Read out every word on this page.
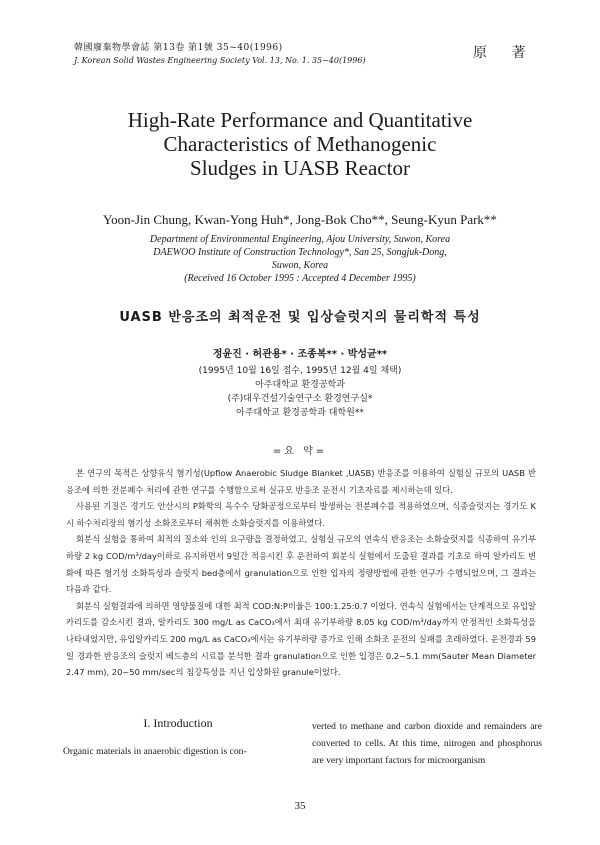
韓國廢棄物學會誌 第13卷 第1號 35~40(1996)
J. Korean Solid Wastes Engineering Society Vol. 13, No. 1. 35~40(1996)	原 著
High-Rate Performance and Quantitative
Characteristics of Methanogenic
Sludges in UASB Reactor
Yoon-Jin Chung, Kwan-Yong Huh*, Jong-Bok Cho**, Seung-Kyun Park**
Department of Environmental Engineering, Ajou University, Suwon, Korea
DAEWOO Institute of Construction Technology*, San 25, Songjuk-Dong,
Suwon, Korea
(Received 16 October 1995 : Accepted 4 December 1995)
UASB 반응조의 최적운전 및 입상슬럿지의 물리학적 특성
정윤진 · 허관용* · 조종복** · 박성균**
(1995년 10월 16일 접수, 1995년 12월 4일 채택)
아주대학교 환경공학과
(주)대우건설기술연구소 환경연구실*
아주대학교 환경공학과 대학원**
=요 약=

본 연구의 목적은 상향유식 혐기성(Upflow Anaerobic Sludge Blanket ,UASB) 반응조를 이용하여 실험실 규모의 UASB 반응조에 의한 전분폐수 처리에 관한 연구를 수행함으로써 실규모 반응조 운전시 기초자료를 제시하는데 있다.

사용된 기질은 경기도 안산시의 P화학의 옥수수 당화공정으로부터 발생하는 전분폐수를 적용하였으며, 식종슬럿지는 경기도 K시 하수처리장의 혐기성 소화조로부터 채취한 소화슬럿지를 이용하였다.

회분식 실험을 통하여 최적의 질소와 인의 요구량을 결정하였고, 실험실 규모의 연속식 반응조는 소화슬럿지를 식종하여 유기부하량 2 kg COD/m³/day이하로 유지하면서 9일간 적응시킨 후 운전하여 회분식 실험에서 도출된 결과를 기초로 하여 알카리도 변화에 따른 혐기성 소화특성과 슬럿지 bed층에서 granulation으로 인한 입자의 정량방법에 관한 연구가 수행되었으며, 그 결과는 다음과 같다.

회분식 실험결과에 의하면 영양물질에 대한 최적 COD:N:P비율은 100:1.25:0.7 이었다. 연속식 실험에서는 단계적으로 유입알카리도를 감소시킨 결과, 알카리도 300 mg/L as CaCO₃에서 최대 유기부하량 8.05 kg COD/m³/day까지 안정적인 소화특성을 나타내었지만, 유입알카리도 200 mg/L as CaCO₃에서는 유기부하량 증가로 인해 소화조 운전의 실패를 초래하였다. 운전경과 59일 경과한 반응조의 슬럿지 베드층의 시료를 분석한 결과 granulation으로 인한 입경은 0.2~5.1 mm(Sauter Mean Diameter 2.47 mm), 20~50 mm/sec의 침강특성을 지닌 입상화된 granule이었다.

I. Introduction
Organic materials in anaerobic digestion is con-
verted to methane and carbon dioxide and remainders are converted to cells. At this time, nitrogen and phosphorus are very important factors for microorganism
35
